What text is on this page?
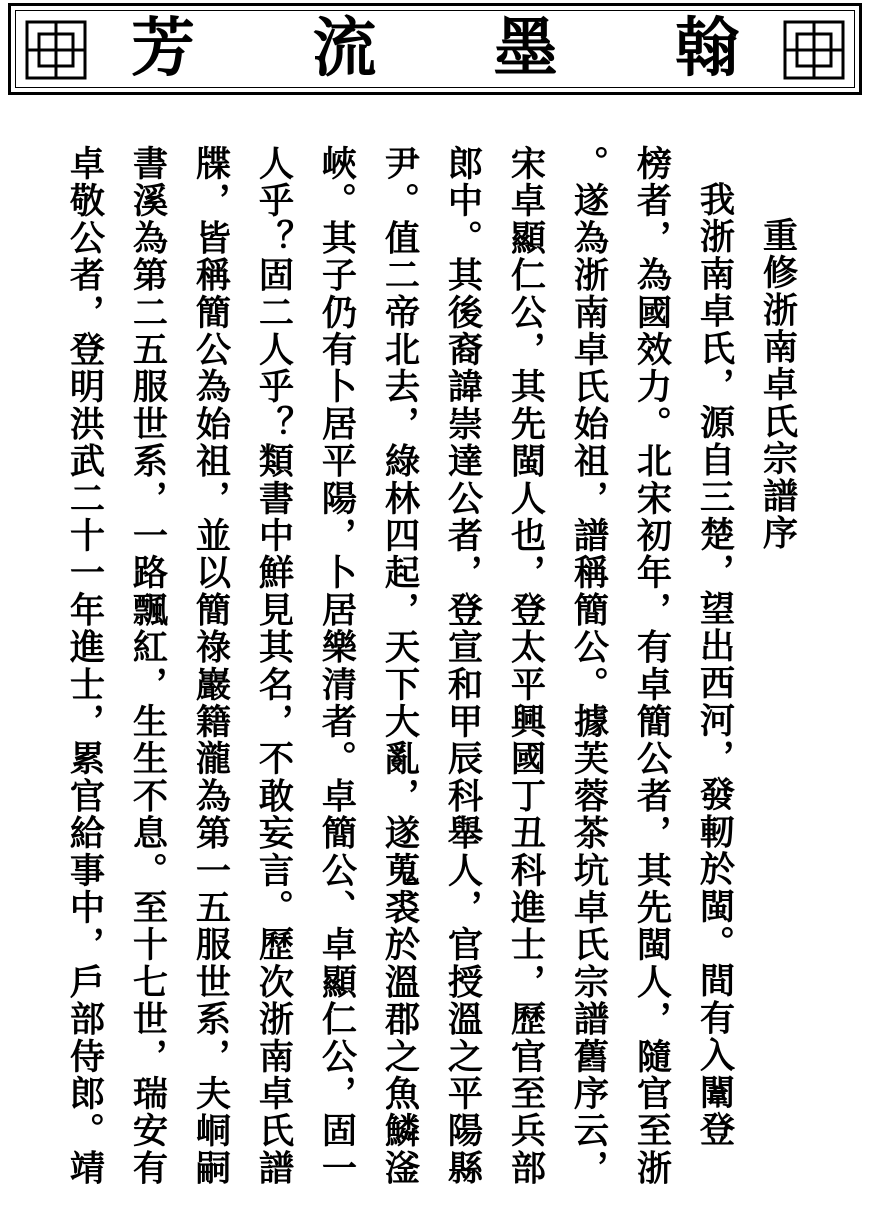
翰
墨
流
芳
重修浙南卓氏宗譜序
我浙南卓氏，源自三楚，望出西河，發軔於閩。間有入闈登
榜者，為國效力。北宋初年，有卓簡公者，其先閩人，隨官至浙
。遂為浙南卓氏始祖，譜稱簡公。據芙蓉茶坑卓氏宗譜舊序云，
宋卓顯仁公，其先閩人也，登太平興國丁丑科進士，歷官至兵部
郎中。其後裔諱崇達公者，登宣和甲辰科舉人，官授溫之平陽縣
尹。值二帝北去，綠林四起，天下大亂，遂蒐裘於溫郡之魚鱗滏
峽。其子仍有卜居平陽，卜居樂清者。卓簡公、卓顯仁公，固一
人乎？固二人乎？類書中鮮見其名，不敢妄言。歷次浙南卓氏譜
牒，皆稱簡公為始祖，並以簡祿巖籍瀧為第一五服世系，夫峒嗣
書溪為第二五服世系，一路飄紅，生生不息。至十七世，瑞安有
卓敬公者，登明洪武二十一年進士，累官給事中，戶部侍郎。靖
